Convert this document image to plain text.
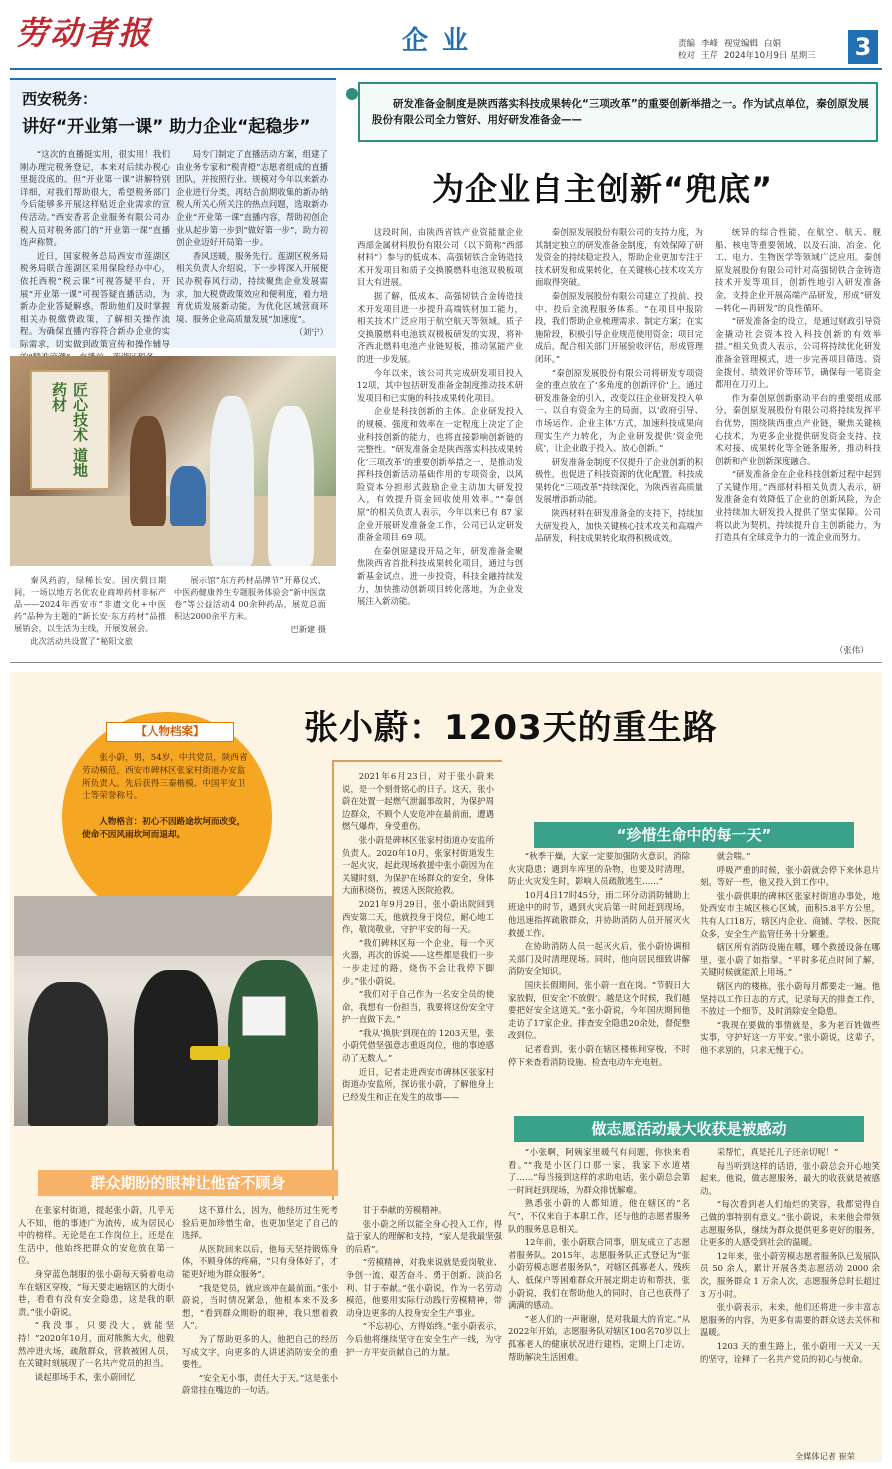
劳动者报	企业	责编 李峰 视觉编辑 白娟
校对 王芹 2024年10月9日 星期三 3
西安税务：
讲好“开业第一课” 助力企业“起稳步”

“这次的直播挺实用，很实用！我们刚办理完税务登记，本来对后续办税心里挺没底的。但“开业第一课”讲解特别详细，对我们帮助很大，希望税务部门今后能够多开展这样贴近企业需求的宣传活动。”西安香茗企业服务有限公司办税人员对税务部门的“开业第一课”直播连声称赞。

近日，国家税务总局西安市莲湖区税务局联合莲湖区采用保险经办中心，依托西税“税云课”可视答疑平台，开展“开业第一课”可视答疑直播活动，为新办企业答疑解惑，帮助他们及时掌握相关办税缴费政策，了解相关操作流程。为确保直播内容符合新办企业的实际需求，切实做到政策宣传和操作辅导

局专门制定了直播活动方案，组建了由业务专家和“税青橙”志愿者组成的直播团队，并按照行业、规模对今年以来新办企业进行分类，再结合前期收集的新办纳税人所关心所关注的热点问题，选取新办企业“开业第一课”直播内容，帮助初创企业从起步第一步到“做好第一步”，助力初创企业迈好开局第一步。

香风送暖，服务先行。莲湖区税务局相关负责人介绍说，下一步将深入开展便民办税春风行动，持续聚焦企业发展需求，加大税费政策效应和便利度，着力培育优质发展新动能，为优化区域营商环境、服务企业高质量发展“加速度”。

（刘宁）

匠心技术 道地药材

秦风药韵，绿稀长安。国庆假日期间，一场以地方名优农业商埠药材非标产品——2024年西安市“非遗文化+中医药”品种为主题的“新长安·东方药材”品推展销会，以生活为主线，开展发展会。

此次活动共设置了“秘阳文旅

展示馆“东方药材品牌节”开幕仪式、中医药健康养生专题服务体验会“新中医盘卷”等公益活动4 00余种药品，展览总面积达2000余平方米。

巴新建 摄

研发准备金制度是陕西落实科技成果转化“三项改革”的重要创新举措之一。作为试点单位，秦创原发展股份有限公司全力管好、用好研发准备金——
为企业自主创新“兜底”

这段时间，由陕西省铁产业资能量企业西部金属材料股份有限公司（以下简称“西部材料”）参与的低成本、高强韧铁合金铸造技术开发项目和质子交换膜燃料电池双极板项目大有进展。

据了解，低成本、高强韧铁合金铸造技术开发项目进一步提升高端铁材加工能力，相关技术广泛应用于航空航天等领域。质子交换膜燃料电池铁双极板研发的实现，将补齐西北燃料电池产业链短板，推动氢能产业的进一步发展。

今年以来，该公司共完成研发项目投入12项，其中包括研发准备金制度推动技术研发项目和已实施的科技成果转化项目。

企业是科技创新的主体。企业研发投入的规模、强度和效率在一定程度上决定了企业科技创新的能力，也将直接影响创新链的完整性。“研发准备金是陕西落实科技成果转化‘三项改革’的重要创新举措之一，是推动发挥科技创新活动基础作用的专项资金，以风险资本分担形式鼓励企业主动加大研发投入，有效提升资金回收使用效率。”“秦创原”的相关负责人表示，今年以来已有 87 家企业开展研发准备金工作，公司已认定研发准备金项目 69 项。

在秦创原建设开局之年，研发准备金聚焦陕西省首批科技成果转化项目，通过与创新基金试点、进一步投资，科技金融持续发力，加快推动创新项目转化落地，为企业发展注入新动能。

秦创原发展股份有限公司的支持力度，为其制定独立的研发准备金制度，有效保障了研发资金的持续稳定投入，帮助企业更加专注于技术研发和成果转化，在关键核心技术攻关方面取得突破。

秦创原发展股份有限公司建立了投前、投中、投后全流程服务体系。“在项目申报阶段，我们帮助企业梳理需求、制定方案；在实施阶段，积极引导企业规范使用资金；项目完成后，配合相关部门开展验收评估，形成管理闭环。”

“秦创原发展股份有限公司将研发专项资金的重点放在了‘多角度的创新评价’上。通过研发准备金的引入，改变以往企业研发投入单一、以自有资金为主的局面，以‘政府引导、市场运作、企业主体’方式，加速科技成果向现实生产力转化，为企业研发提供‘资金兜底’，让企业敢于投入、放心创新。”

研发准备金制度不仅提升了企业创新的积极性，也促进了科技资源的优化配置。科技成果转化“三项改革”持续深化，为陕西省高质量发展增添新动能。

陕西材料在研发准备金的支持下，持续加大研发投入，加快关键核心技术攻关和高端产品研发，科技成果转化取得积极成效。

统异的综合性能，在航空、航天、舰船、核电等重要领域，以及石油、冶金、化工、电力、生物医学等领域广泛应用。秦创原发展股份有限公司针对高强韧铁合金铸造技术开发等项目，创新性地引入研发准备金，支持企业开展高端产品研发，形成“研发—转化—再研发”的良性循环。

“研发准备金的设立，是通过财政引导资金撬动社会资本投入科技创新的有效举措。”相关负责人表示，公司将持续优化研发准备金管理模式，进一步完善项目筛选、资金拨付、绩效评价等环节，确保每一笔资金都用在刀刃上。

作为秦创原创新驱动平台的重要组成部分，秦创原发展股份有限公司将持续发挥平台优势，围绕陕西重点产业链，聚焦关键核心技术，为更多企业提供研发资金支持、技术对接、成果转化等全链条服务，推动科技创新和产业创新深度融合。

“研发准备金在企业科技创新过程中起到了关键作用。”西部材料相关负责人表示，研发准备金有效降低了企业的创新风险，为企业持续加大研发投入提供了坚实保障。公司将以此为契机，持续提升自主创新能力，为打造具有全球竞争力的一流企业而努力。

（张伟）
张小蔚：1203天的重生路
【人物档案】
张小蔚，男，54岁，中共党员，陕西省劳动模范，西安市碑林区张家村街道办安监所负责人。先后获得三秦楷模、中国平安卫士等荣誉称号。
人物格言：初心不因路途坎坷而改变，使命不因风雨坎坷而退却。

2021年6月23日，对于张小蔚来说，是一个刻骨铭心的日子。这天，张小蔚在处置一起燃气泄漏事故时，为保护周边群众，不顾个人安危冲在最前面，遭遇燃气爆炸，身受重伤。

张小蔚是碑林区张家村街道办安监所负责人。2020年10月，张家村街道发生一起火灾，起此现场救援中张小蔚因为在关键时刻，为保护在场群众的安全，身体大面积烧伤，被送入医院抢救。

2021年9月29日，张小蔚出院回到西安第二天，他就投身于岗位，耐心地工作，敬岗敬业，守护平安的每一天。

“我们碑林区每一个企业，每一个灭火器，再次的诉说——这些都是我们一步一步走过的路，烧伤不会让我停下脚步。”张小蔚说。

“我们对于自己作为一名安全员的使命，我想有一份担当，我要将这份安全守护一直做下去。”

“我从‘换肤’到现在的 1203天里，张小蔚凭借坚强意志重返岗位，他的事迹感动了无数人。”

近日，记者走进西安市碑林区张家村街道办安监所，探访张小蔚，了解他身上已经发生和正在发生的故事——

“珍惜生命中的每一天”

“秋季干燥，大家一定要加强防火意识，消除火灾隐患；遇到车库里的杂物，也要及时清理，防止火灾发生时，影响人员疏散逃生……”

10月4日17时45分，雨二环分动消防辅助上班途中的时节，遇到火灾后第一时间赶到现场，他迅速指挥疏散群众，并协助消防人员开展灭火救援工作。

在协助消防人员一起灭火后，张小蔚协调相关部门及时清理现场。同时，他向居民细致讲解消防安全知识。

国庆长假期间，张小蔚一直在岗。“节假日大家放假，但安全‘不放假’。越是这个时候，我们越要把好安全这道关。”张小蔚说，今年国庆期间他走访了17家企业，排查安全隐患20余处，督促整改到位。

记者看到，张小蔚在辖区楼栋间穿梭，不时停下来查看消防设施、检查电动车充电桩。

就会喘。”

呼吸严重的时候，张小蔚就会停下来休息片刻。等好一些，他又投入到工作中。

张小蔚供职的碑林区张家村街道办事处，地处西安市主城区核心区域，面积5.8平方公里，共有人口18万，辖区内企业、商铺、学校、医院众多，安全生产监管任务十分繁重。

辖区所有消防设施在哪，哪个救援设备在哪里，张小蔚了如指掌。“平时多花点时间了解，关键时候就能派上用场。”

辖区内的楼栋，张小蔚每月都要走一遍。他坚持以工作日志的方式，记录每天的排查工作，不放过一个细节，及时消除安全隐患。

“我现在要做的事情就是，多为老百姓做些实事，守护好这一方平安。”张小蔚说，这辈子，他不求别的，只求无愧于心。

做志愿活动最大收获是被感动

“小张啊，阿姨家里暖气有问题，你快来看看。”“我是小区门口那一家，我家下水道堵了……”每当接到这样的求助电话，张小蔚总会第一时间赶到现场，为群众排忧解难。

熟悉张小蔚的人都知道，他在辖区的“名气”，不仅来自于本职工作，还与他的志愿者服务队的服务息息相关。

12年前，张小蔚联合同事，朋友成立了志愿者服务队。2015年，志愿服务队正式登记为“张小蔚劳模志愿者服务队”，对辖区孤寡老人、残疾人、低保户等困难群众开展定期走访和帮扶，张小蔚说，我们在帮助他人的同时，自己也获得了满满的感动。

“老人们的一声谢谢，是对我最大的肯定。”从2022年开始，志愿服务队对辖区100名70岁以上孤寡老人的健康状况进行建档，定期上门走访，帮助解决生活困难。

采帮忙，真是托儿子还亲切呢！”

每当听到这样的话语，张小蔚总会开心地笑起来。他说，做志愿服务，最大的收获就是被感动。

“每次看到老人们灿烂的笑容，我都觉得自己做的事特别有意义。”张小蔚说，未来他会带领志愿服务队，继续为群众提供更多更好的服务，让更多的人感受到社会的温暖。

12年来，张小蔚劳模志愿者服务队已发展队员 50 余人，累计开展各类志愿活动 2000 余次，服务群众 1 万余人次，志愿服务总时长超过 3 万小时。

张小蔚表示，未来，他们还将进一步丰富志愿服务的内容，为更多有需要的群众送去关怀和温暖。

1203 天的重生路上，张小蔚用一天又一天的坚守，诠释了一名共产党员的初心与使命。

群众期盼的眼神让他奋不顾身

在张家村街道，提起张小蔚，几乎无人不知，他的事迹广为流传，成为居民心中的榜样。无论是在工作岗位上，还是在生活中，他始终把群众的安危放在第一位。

身穿蓝色制服的张小蔚每天骑着电动车在辖区穿梭，“每天要走遍辖区的大街小巷，看看有没有安全隐患，这是我的职责。”张小蔚说。

“我没事，只要没大，就能坚持！”2020年10月，面对熊熊大火，他毅然冲进火场，疏散群众，营救被困人员，在关键时刻展现了一名共产党员的担当。

谈起那场手术，张小蔚回忆

这不算什么，因为，他经历过生死考验后更加珍惜生命，也更加坚定了自己的选择。

从医院回来以后，他每天坚持锻炼身体，不顾身体的疼痛，“只有身体好了，才能更好地为群众服务”。

“我是党员，就应该冲在最前面。”张小蔚说，当时情况紧急，他根本来不及多想，“看到群众期盼的眼神，我只想着救人”。

为了帮助更多的人，他把自己的经历写成文字，向更多的人讲述消防安全的重要性。

“安全无小事，责任大于天。”这是张小蔚常挂在嘴边的一句话。

甘于奉献的劳模精神。

张小蔚之所以能全身心投入工作，得益于家人的理解和支持，“家人是我最坚强的后盾”。

“劳模精神，对我来说就是爱岗敬业、争创一流、艰苦奋斗、勇于创新、淡泊名利、甘于奉献。”张小蔚说，作为一名劳动模范，他要用实际行动践行劳模精神，带动身边更多的人投身安全生产事业。

“不忘初心，方得始终。”张小蔚表示，今后他将继续坚守在安全生产一线，为守护一方平安贡献自己的力量。

全媒体记者 崔荣
